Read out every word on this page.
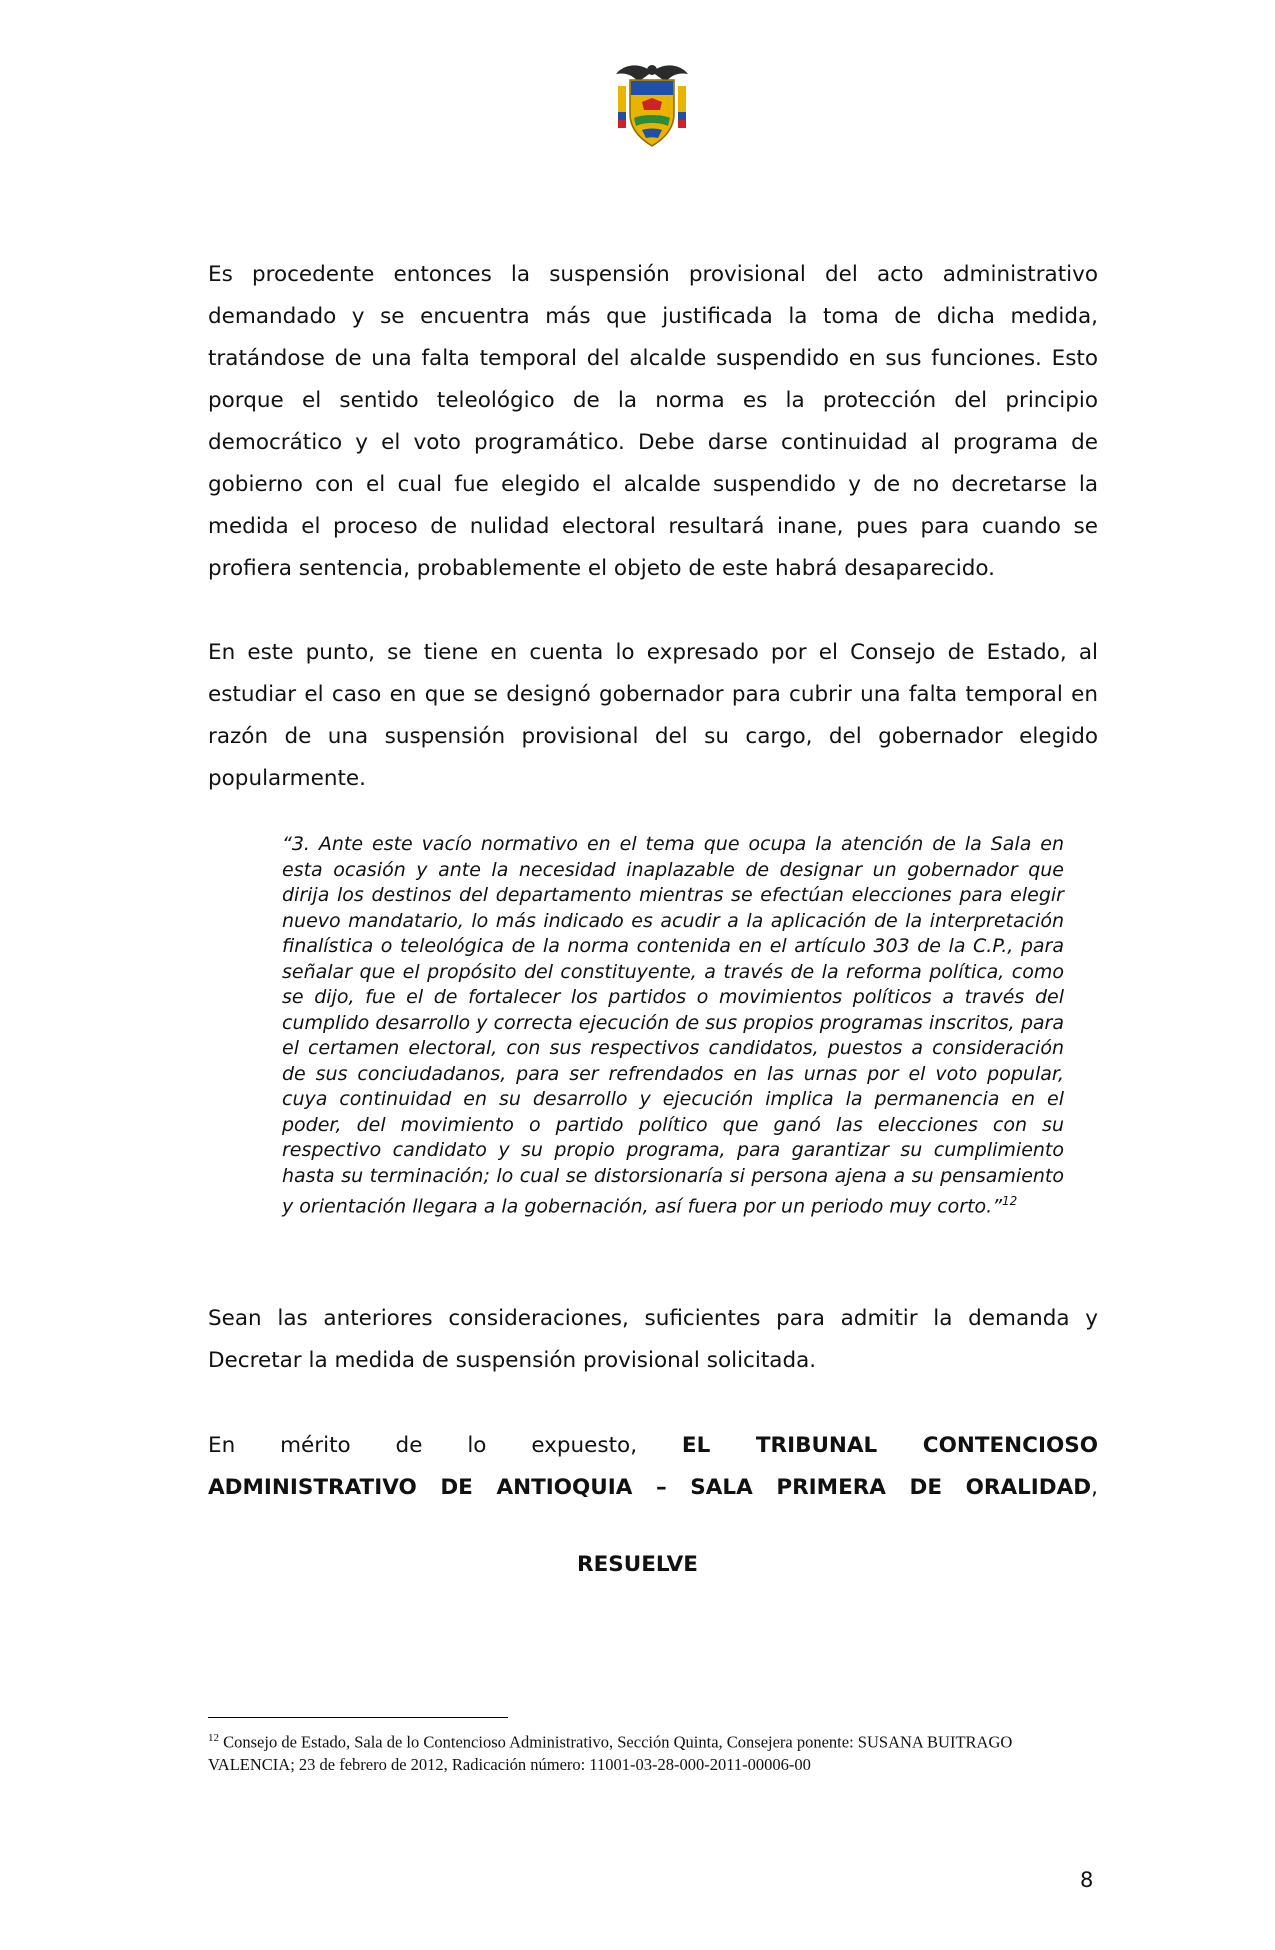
Es procedente entonces la suspensión provisional del acto administrativo demandado y se encuentra más que justificada la toma de dicha medida, tratándose de una falta temporal del alcalde suspendido en sus funciones. Esto porque el sentido teleológico de la norma es la protección del principio democrático y el voto programático. Debe darse continuidad al programa de gobierno con el cual fue elegido el alcalde suspendido y de no decretarse la medida el proceso de nulidad electoral resultará inane, pues para cuando se profiera sentencia, probablemente el objeto de este habrá desaparecido.

En este punto, se tiene en cuenta lo expresado por el Consejo de Estado, al estudiar el caso en que se designó gobernador para cubrir una falta temporal en razón de una suspensión provisional del su cargo, del gobernador elegido popularmente.

“3. Ante este vacío normativo en el tema que ocupa la atención de la Sala en esta ocasión y ante la necesidad inaplazable de designar un gobernador que dirija los destinos del departamento mientras se efectúan elecciones para elegir nuevo mandatario, lo más indicado es acudir a la aplicación de la interpretación finalística o teleológica de la norma contenida en el artículo 303 de la C.P., para señalar que el propósito del constituyente, a través de la reforma política, como se dijo, fue el de fortalecer los partidos o movimientos políticos a través del cumplido desarrollo y correcta ejecución de sus propios programas inscritos, para el certamen electoral, con sus respectivos candidatos, puestos a consideración de sus conciudadanos, para ser refrendados en las urnas por el voto popular, cuya continuidad en su desarrollo y ejecución implica la permanencia en el poder, del movimiento o partido político que ganó las elecciones con su respectivo candidato y su propio programa, para garantizar su cumplimiento hasta su terminación; lo cual se distorsionaría si persona ajena a su pensamiento y orientación llegara a la gobernación, así fuera por un periodo muy corto.”$^{12}$

Sean las anteriores consideraciones, suficientes para admitir la demanda y Decretar la medida de suspensión provisional solicitada.

En mérito de lo expuesto, EL TRIBUNAL CONTENCIOSO
ADMINISTRATIVO DE ANTIOQUIA – SALA PRIMERA DE ORALIDAD,

RESUELVE

$^{12}$ Consejo de Estado, Sala de lo Contencioso Administrativo, Sección Quinta, Consejera ponente: SUSANA BUITRAGO VALENCIA; 23 de febrero de 2012, Radicación número: 11001-03-28-000-2011-00006-00

8
